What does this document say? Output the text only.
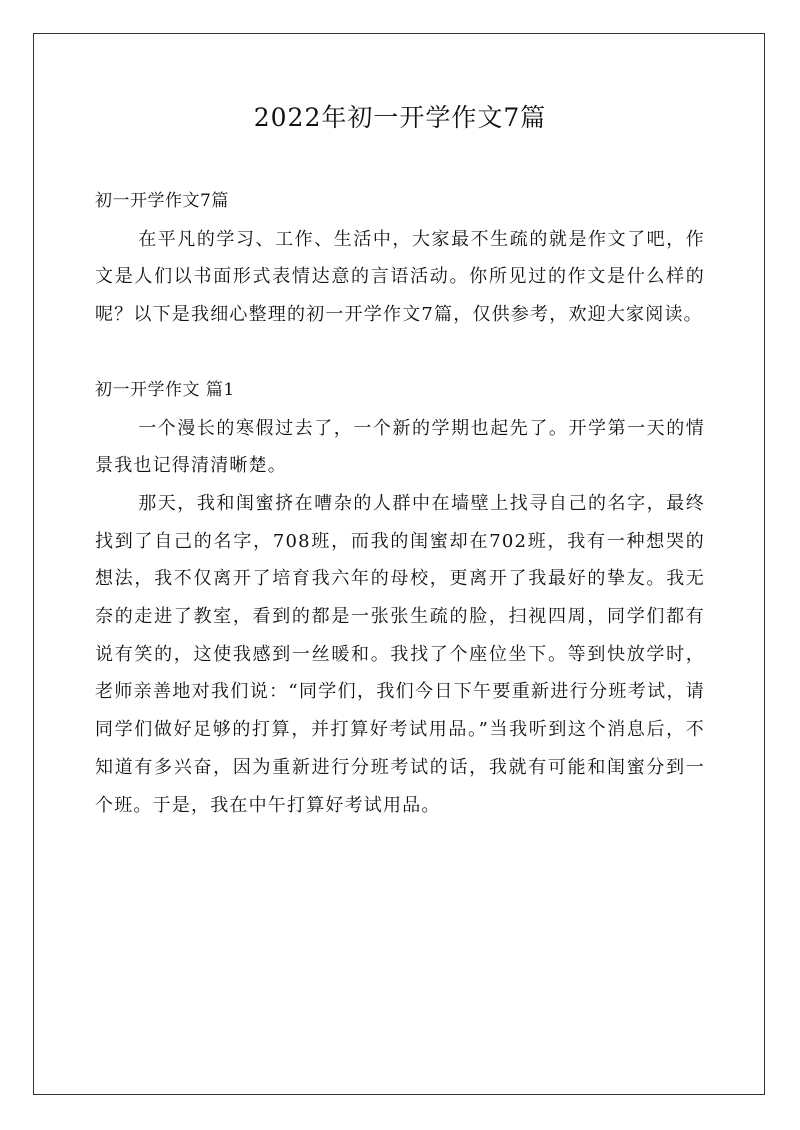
2022年初一开学作文7篇

初一开学作文7篇

在平凡的学习、工作、生活中，大家最不生疏的就是作文了吧，作文是人们以书面形式表情达意的言语活动。你所见过的作文是什么样的呢？以下是我细心整理的初一开学作文7篇，仅供参考，欢迎大家阅读。

初一开学作文 篇1

一个漫长的寒假过去了，一个新的学期也起先了。开学第一天的情景我也记得清清晰楚。

那天，我和闺蜜挤在嘈杂的人群中在墙壁上找寻自己的名字，最终找到了自己的名字，708班，而我的闺蜜却在702班，我有一种想哭的想法，我不仅离开了培育我六年的母校，更离开了我最好的挚友。我无奈的走进了教室，看到的都是一张张生疏的脸，扫视四周，同学们都有说有笑的，这使我感到一丝暖和。我找了个座位坐下。等到快放学时，老师亲善地对我们说：“同学们，我们今日下午要重新进行分班考试，请同学们做好足够的打算，并打算好考试用品。”当我听到这个消息后，不知道有多兴奋，因为重新进行分班考试的话，我就有可能和闺蜜分到一个班。于是，我在中午打算好考试用品。
